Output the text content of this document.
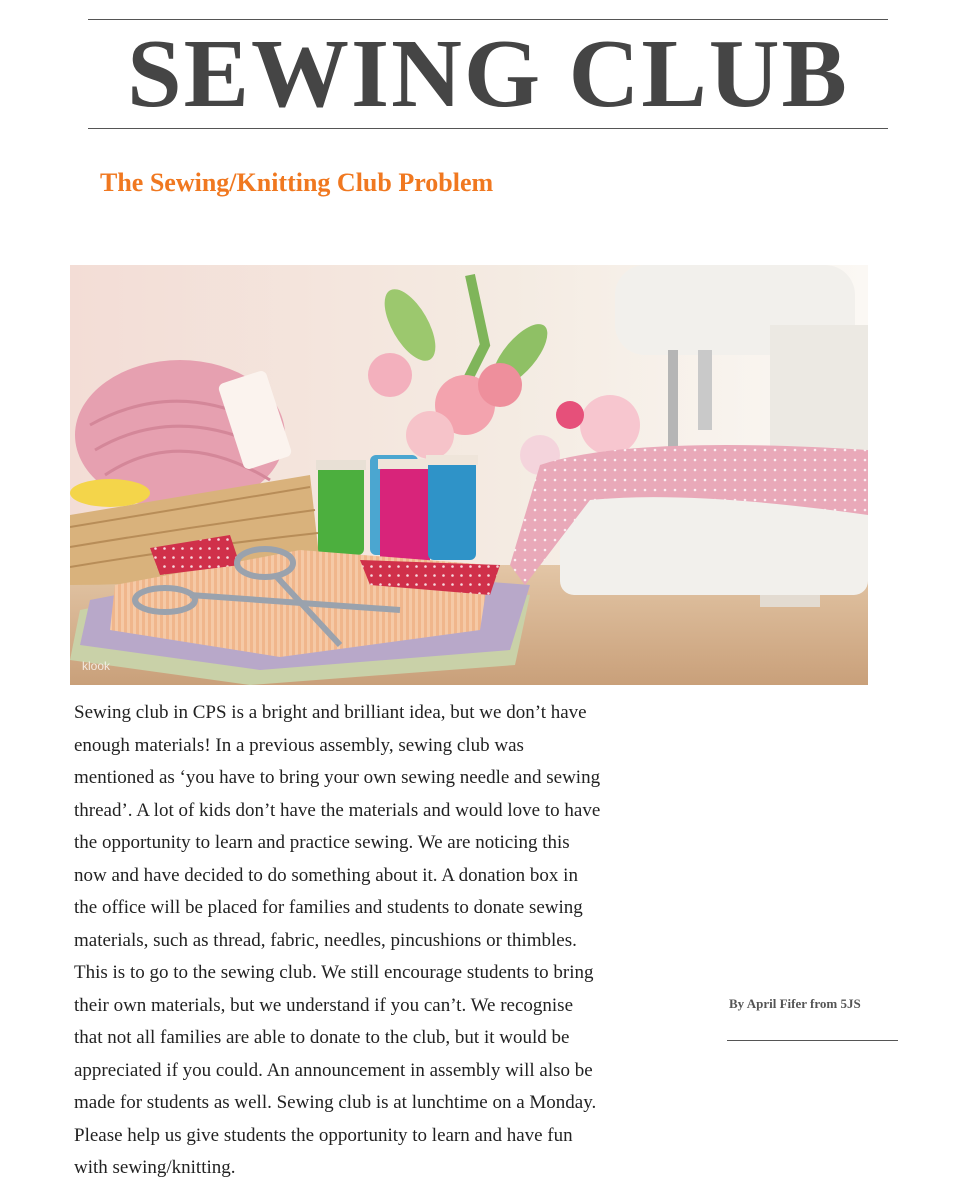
SEWING CLUB
The Sewing/Knitting Club Problem
klook
Sewing club in CPS is a bright and brilliant idea, but we don’t have
enough materials! In a previous assembly, sewing club was
mentioned as ‘you have to bring your own sewing needle and sewing
thread’. A lot of kids don’t have the materials and would love to have
the opportunity to learn and practice sewing. We are noticing this
now and have decided to do something about it. A donation box in
the office will be placed for families and students to donate sewing
materials, such as thread, fabric, needles, pincushions or thimbles.
This is to go to the sewing club. We still encourage students to bring
their own materials, but we understand if you can’t. We recognise
that not all families are able to donate to the club, but it would be
appreciated if you could. An announcement in assembly will also be
made for students as well. Sewing club is at lunchtime on a Monday.
Please help us give students the opportunity to learn and have fun
with sewing/knitting.
By April Fifer from 5JS
